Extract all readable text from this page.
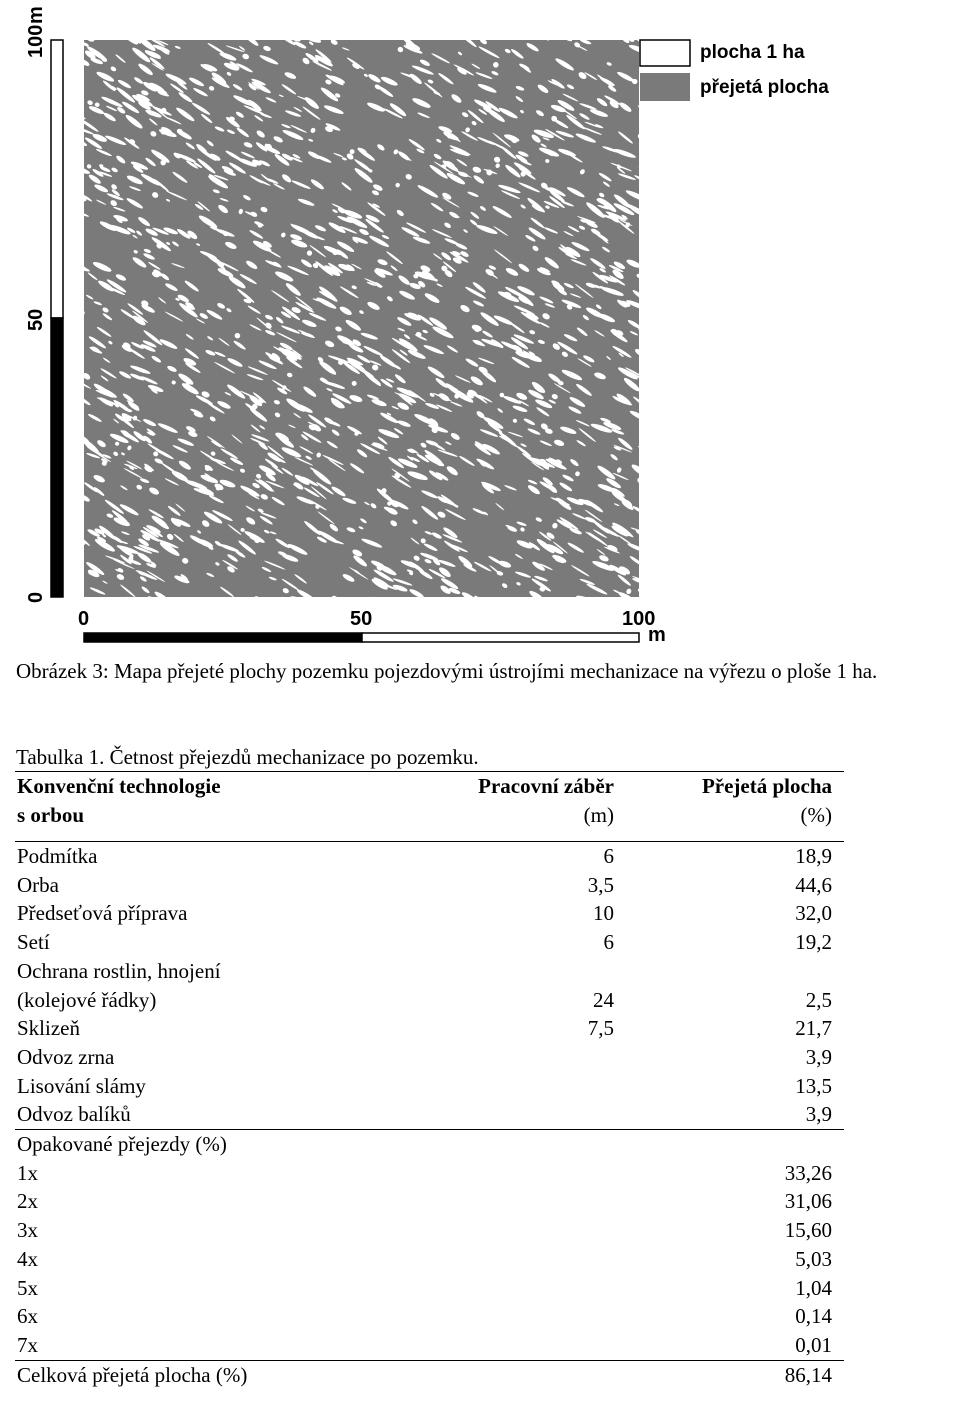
plocha 1 ha
přejetá plocha
100
m
50
0
0	50	100
m
Obrázek 3: Mapa přejeté plochy pozemku pojezdovými ústrojími mechanizace na výřezu o ploše 1 ha.
Tabulka 1. Četnost přejezdů mechanizace po pozemku.
Konvenční technologie	Pracovní záběr	Přejetá plocha
s orbou	(m)	(%)

Podmítka	6	18,9
Orba	3,5	44,6
Předseťová příprava	10	32,0
Setí	6	19,2
Ochrana rostlin, hnojení		
(kolejové řádky)	24	2,5
Sklizeň	7,5	21,7
Odvoz zrna		3,9
Lisování slámy		13,5
Odvoz balíků		3,9
Opakované přejezdy (%)		
1x		33,26
2x		31,06
3x		15,60
4x		5,03
5x		1,04
6x		0,14
7x		0,01
Celková přejetá plocha (%)		86,14
